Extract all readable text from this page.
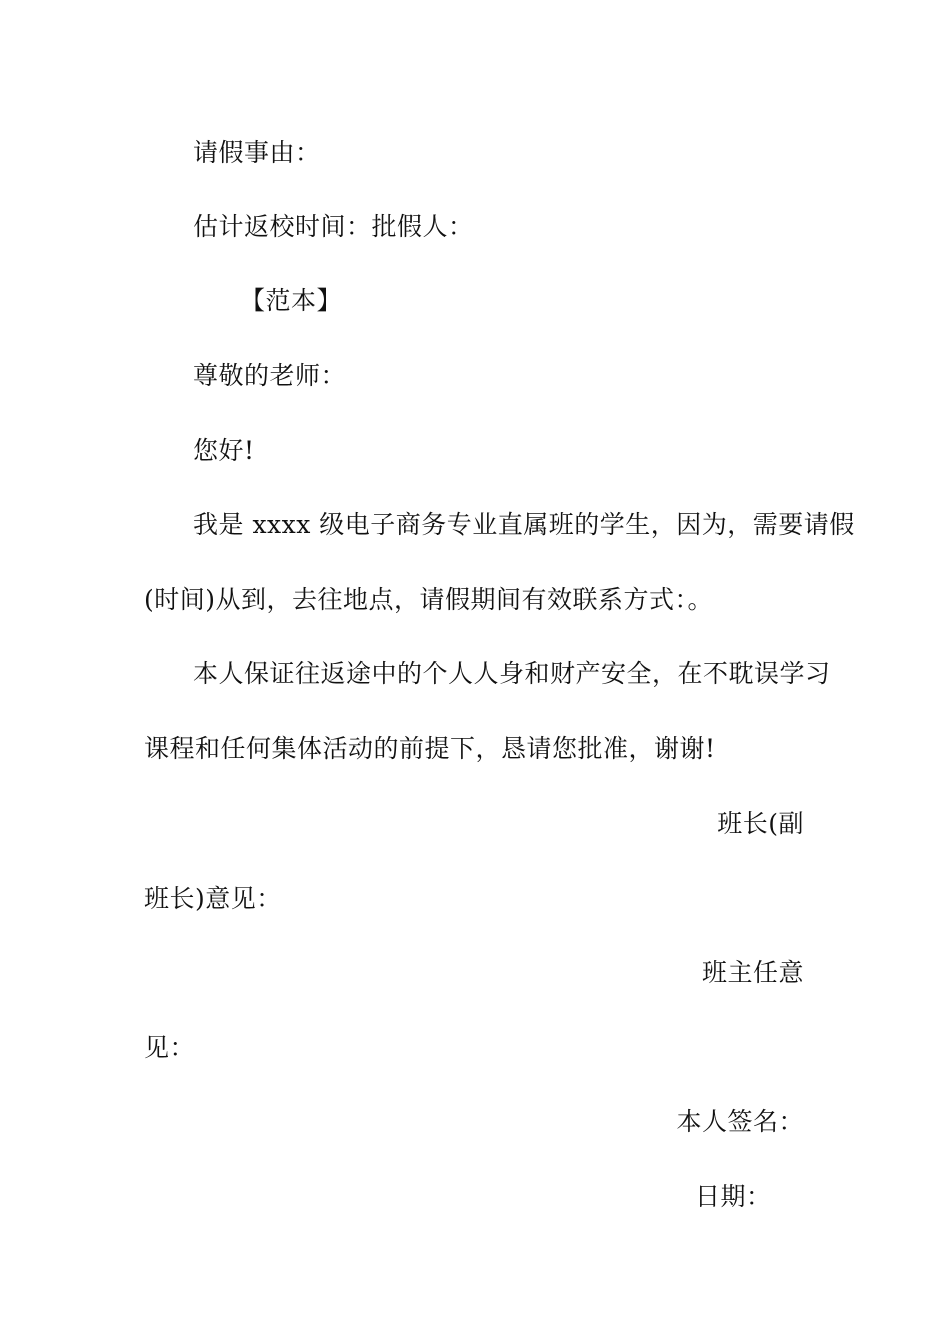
请假事由：
估计返校时间：批假人：
【范本】
尊敬的老师：
您好!
我是 xxxx 级电子商务专业直属班的学生，因为，需要请假
(时间)从到，去往地点，请假期间有效联系方式：。
本人保证往返途中的个人人身和财产安全，在不耽误学习
课程和任何集体活动的前提下，恳请您批准，谢谢!
班长(副
班长)意见：
班主任意
见：
本人签名：
日期：
